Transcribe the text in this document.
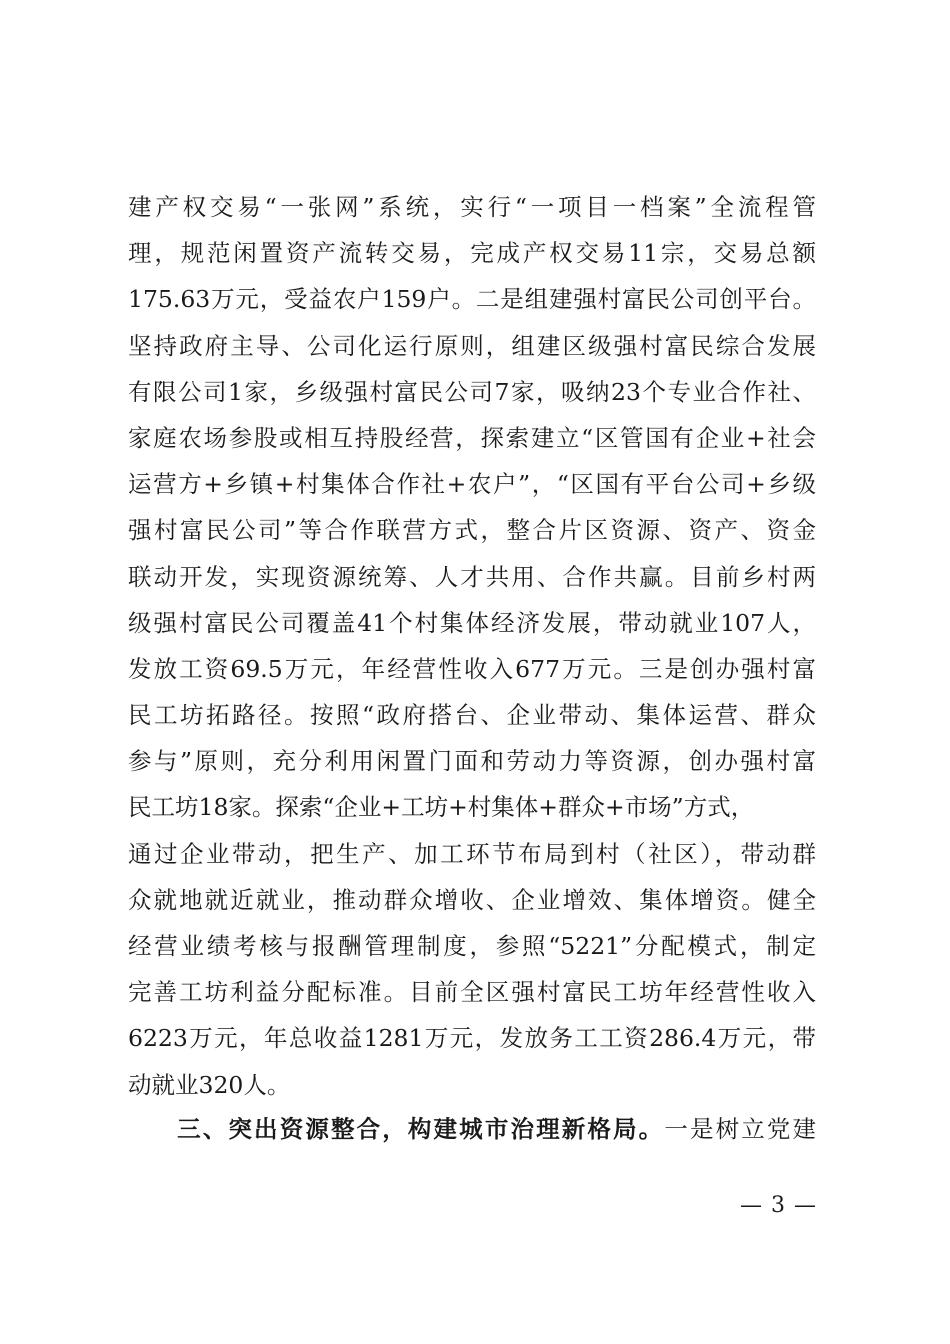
建产权交易“一张网”系统，实行“一项目一档案”全流程管
理，规范闲置资产流转交易，完成产权交易11宗，交易总额
175.63万元，受益农户159户。二是组建强村富民公司创平台。
坚持政府主导、公司化运行原则，组建区级强村富民综合发展
有限公司1家，乡级强村富民公司7家，吸纳23个专业合作社、
家庭农场参股或相互持股经营，探索建立“区管国有企业+社会
运营方+乡镇+村集体合作社+农户”，“区国有平台公司+乡级
强村富民公司”等合作联营方式，整合片区资源、资产、资金
联动开发，实现资源统筹、人才共用、合作共赢。目前乡村两
级强村富民公司覆盖41个村集体经济发展，带动就业107人，
发放工资69.5万元，年经营性收入677万元。三是创办强村富
民工坊拓路径。按照“政府搭台、企业带动、集体运营、群众
参与”原则，充分利用闲置门面和劳动力等资源，创办强村富
民工坊18家。探索“企业+工坊+村集体+群众+市场”方式，
通过企业带动，把生产、加工环节布局到村（社区），带动群
众就地就近就业，推动群众增收、企业增效、集体增资。健全
经营业绩考核与报酬管理制度，参照“5221”分配模式，制定
完善工坊利益分配标准。目前全区强村富民工坊年经营性收入
6223万元，年总收益1281万元，发放务工工资286.4万元，带
动就业320人。
三、突出资源整合，构建城市治理新格局。一是树立党建
— 3 —
